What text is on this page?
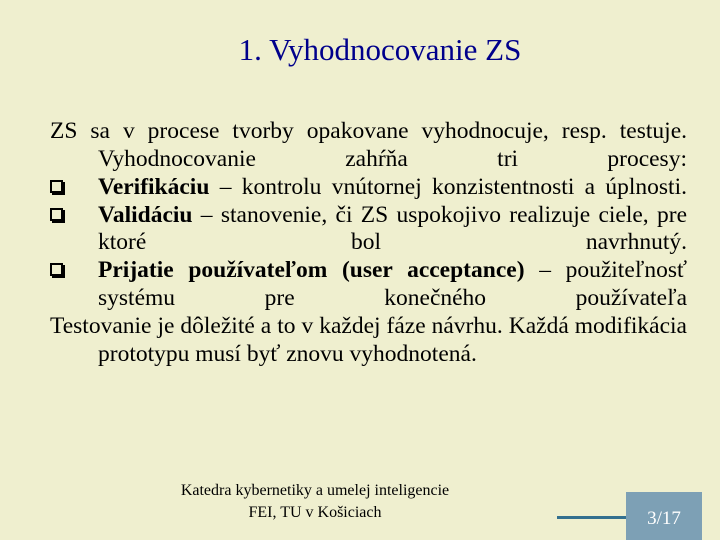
1. Vyhodnocovanie ZS

ZS sa v procese tvorby opakovane vyhodnocuje, resp. testuje. Vyhodnocovanie zahŕňa tri procesy:

Verifikáciu – kontrolu vnútornej konzistentnosti a úplnosti.

Validáciu – stanovenie, či ZS uspokojivo realizuje ciele, pre ktoré bol navrhnutý.

Prijatie používateľom (user acceptance) – použiteľnosť systému pre konečného používateľa

Testovanie je dôležité a to v každej fáze návrhu. Každá modifikácia prototypu musí byť znovu vyhodnotená.

Katedra kybernetiky a umelej inteligencie
FEI, TU v Košiciach	3/17
